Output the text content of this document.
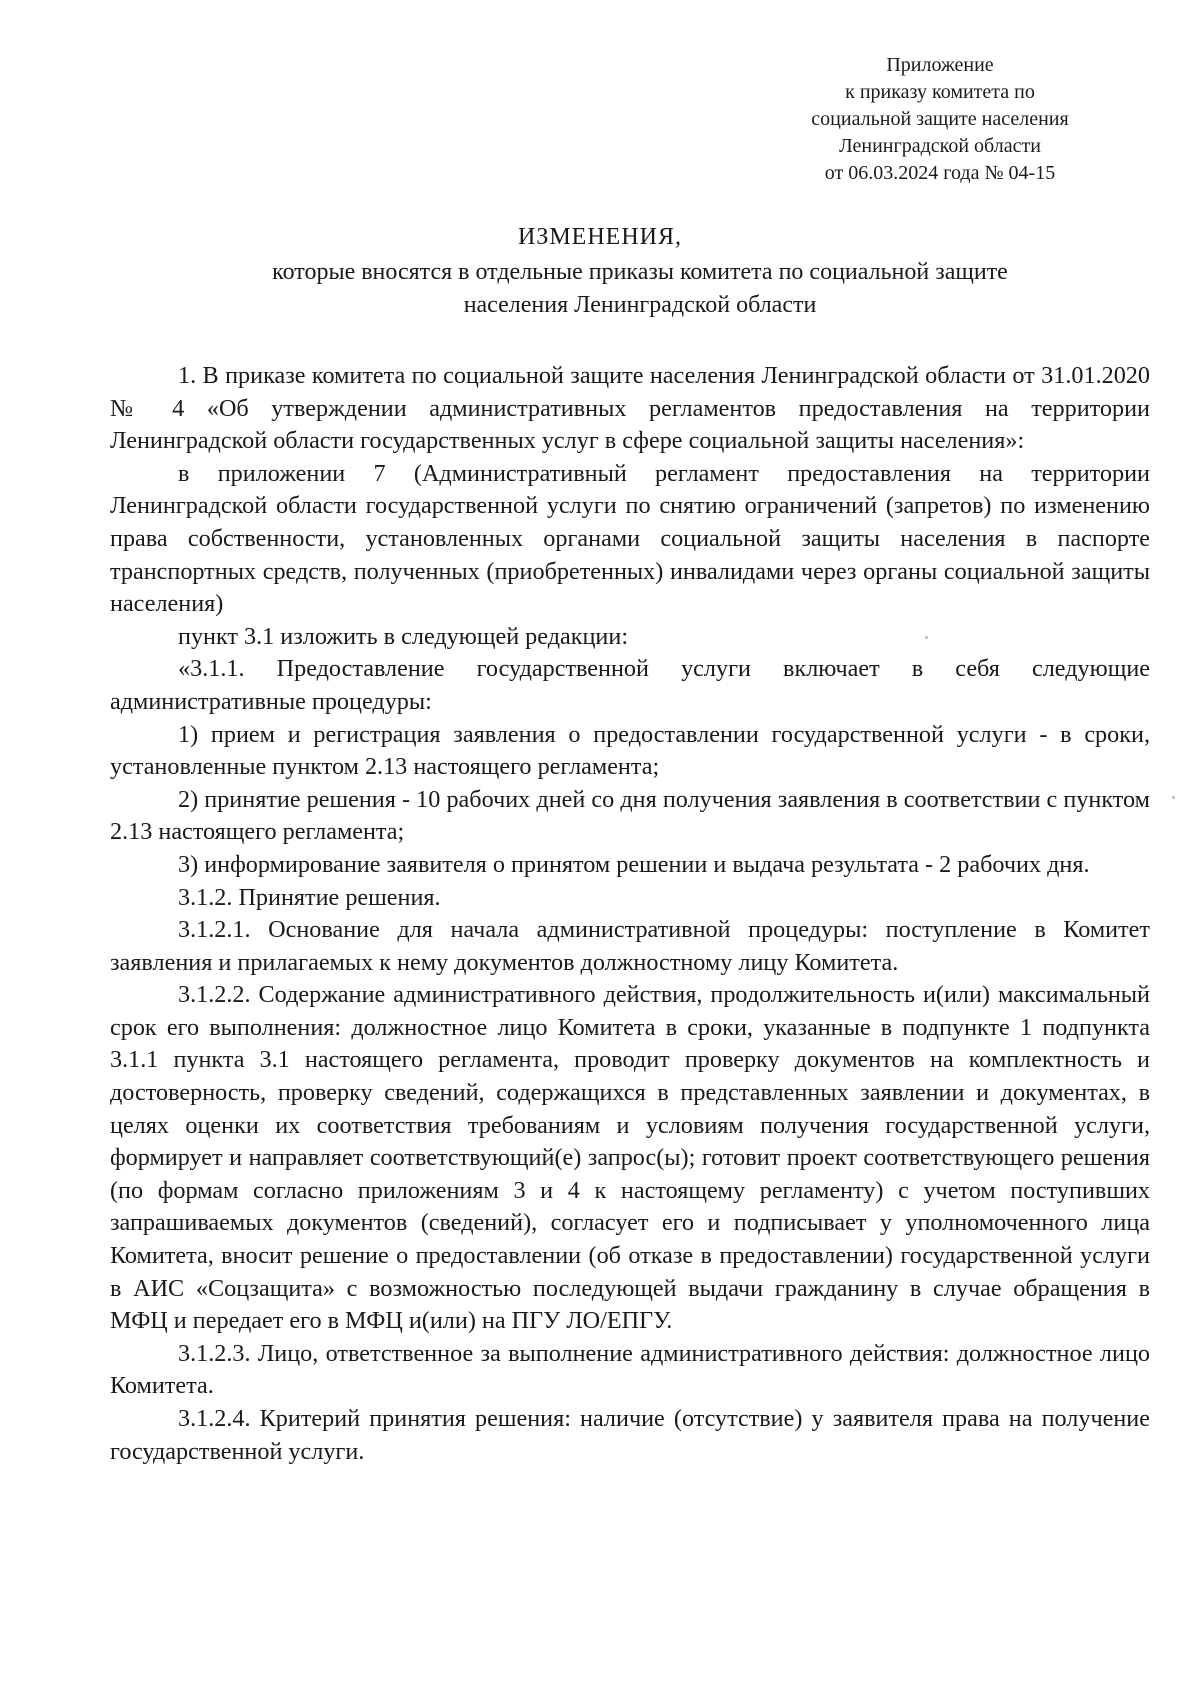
Приложение
к приказу комитета по
социальной защите населения
Ленинградской области
от 06.03.2024 года № 04-15
ИЗМЕНЕНИЯ,
которые вносятся в отдельные приказы комитета по социальной защите
населения Ленинградской области

1. В приказе комитета по социальной защите населения Ленинградской области от 31.01.2020 № 4 «Об утверждении административных регламентов предоставления на территории Ленинградской области государственных услуг в сфере социальной защиты населения»:

в приложении 7 (Административный регламент предоставления на территории Ленинградской области государственной услуги по снятию ограничений (запретов) по изменению права собственности, установленных органами социальной защиты населения в паспорте транспортных средств, полученных (приобретенных) инвалидами через органы социальной защиты населения)

пункт 3.1 изложить в следующей редакции:

«3.1.1. Предоставление государственной услуги включает в себя следующие административные процедуры:

1) прием и регистрация заявления о предоставлении государственной услуги - в сроки, установленные пунктом 2.13 настоящего регламента;

2) принятие решения - 10 рабочих дней со дня получения заявления в соответствии с пунктом 2.13 настоящего регламента;

3) информирование заявителя о принятом решении и выдача результата - 2 рабочих дня.

3.1.2. Принятие решения.

3.1.2.1. Основание для начала административной процедуры: поступление в Комитет заявления и прилагаемых к нему документов должностному лицу Комитета.

3.1.2.2. Содержание административного действия, продолжительность и(или) максимальный срок его выполнения: должностное лицо Комитета в сроки, указанные в подпункте 1 подпункта 3.1.1 пункта 3.1 настоящего регламента, проводит проверку документов на комплектность и достоверность, проверку сведений, содержащихся в представленных заявлении и документах, в целях оценки их соответствия требованиям и условиям получения государственной услуги, формирует и направляет соответствующий(е) запрос(ы); готовит проект соответствующего решения (по формам согласно приложениям 3 и 4 к настоящему регламенту) с учетом поступивших запрашиваемых документов (сведений), согласует его и подписывает у уполномоченного лица Комитета, вносит решение о предоставлении (об отказе в предоставлении) государственной услуги в АИС «Соцзащита» с возможностью последующей выдачи гражданину в случае обращения в МФЦ и передает его в МФЦ и(или) на ПГУ ЛО/ЕПГУ.

3.1.2.3. Лицо, ответственное за выполнение административного действия: должностное лицо Комитета.

3.1.2.4. Критерий принятия решения: наличие (отсутствие) у заявителя права на получение государственной услуги.
